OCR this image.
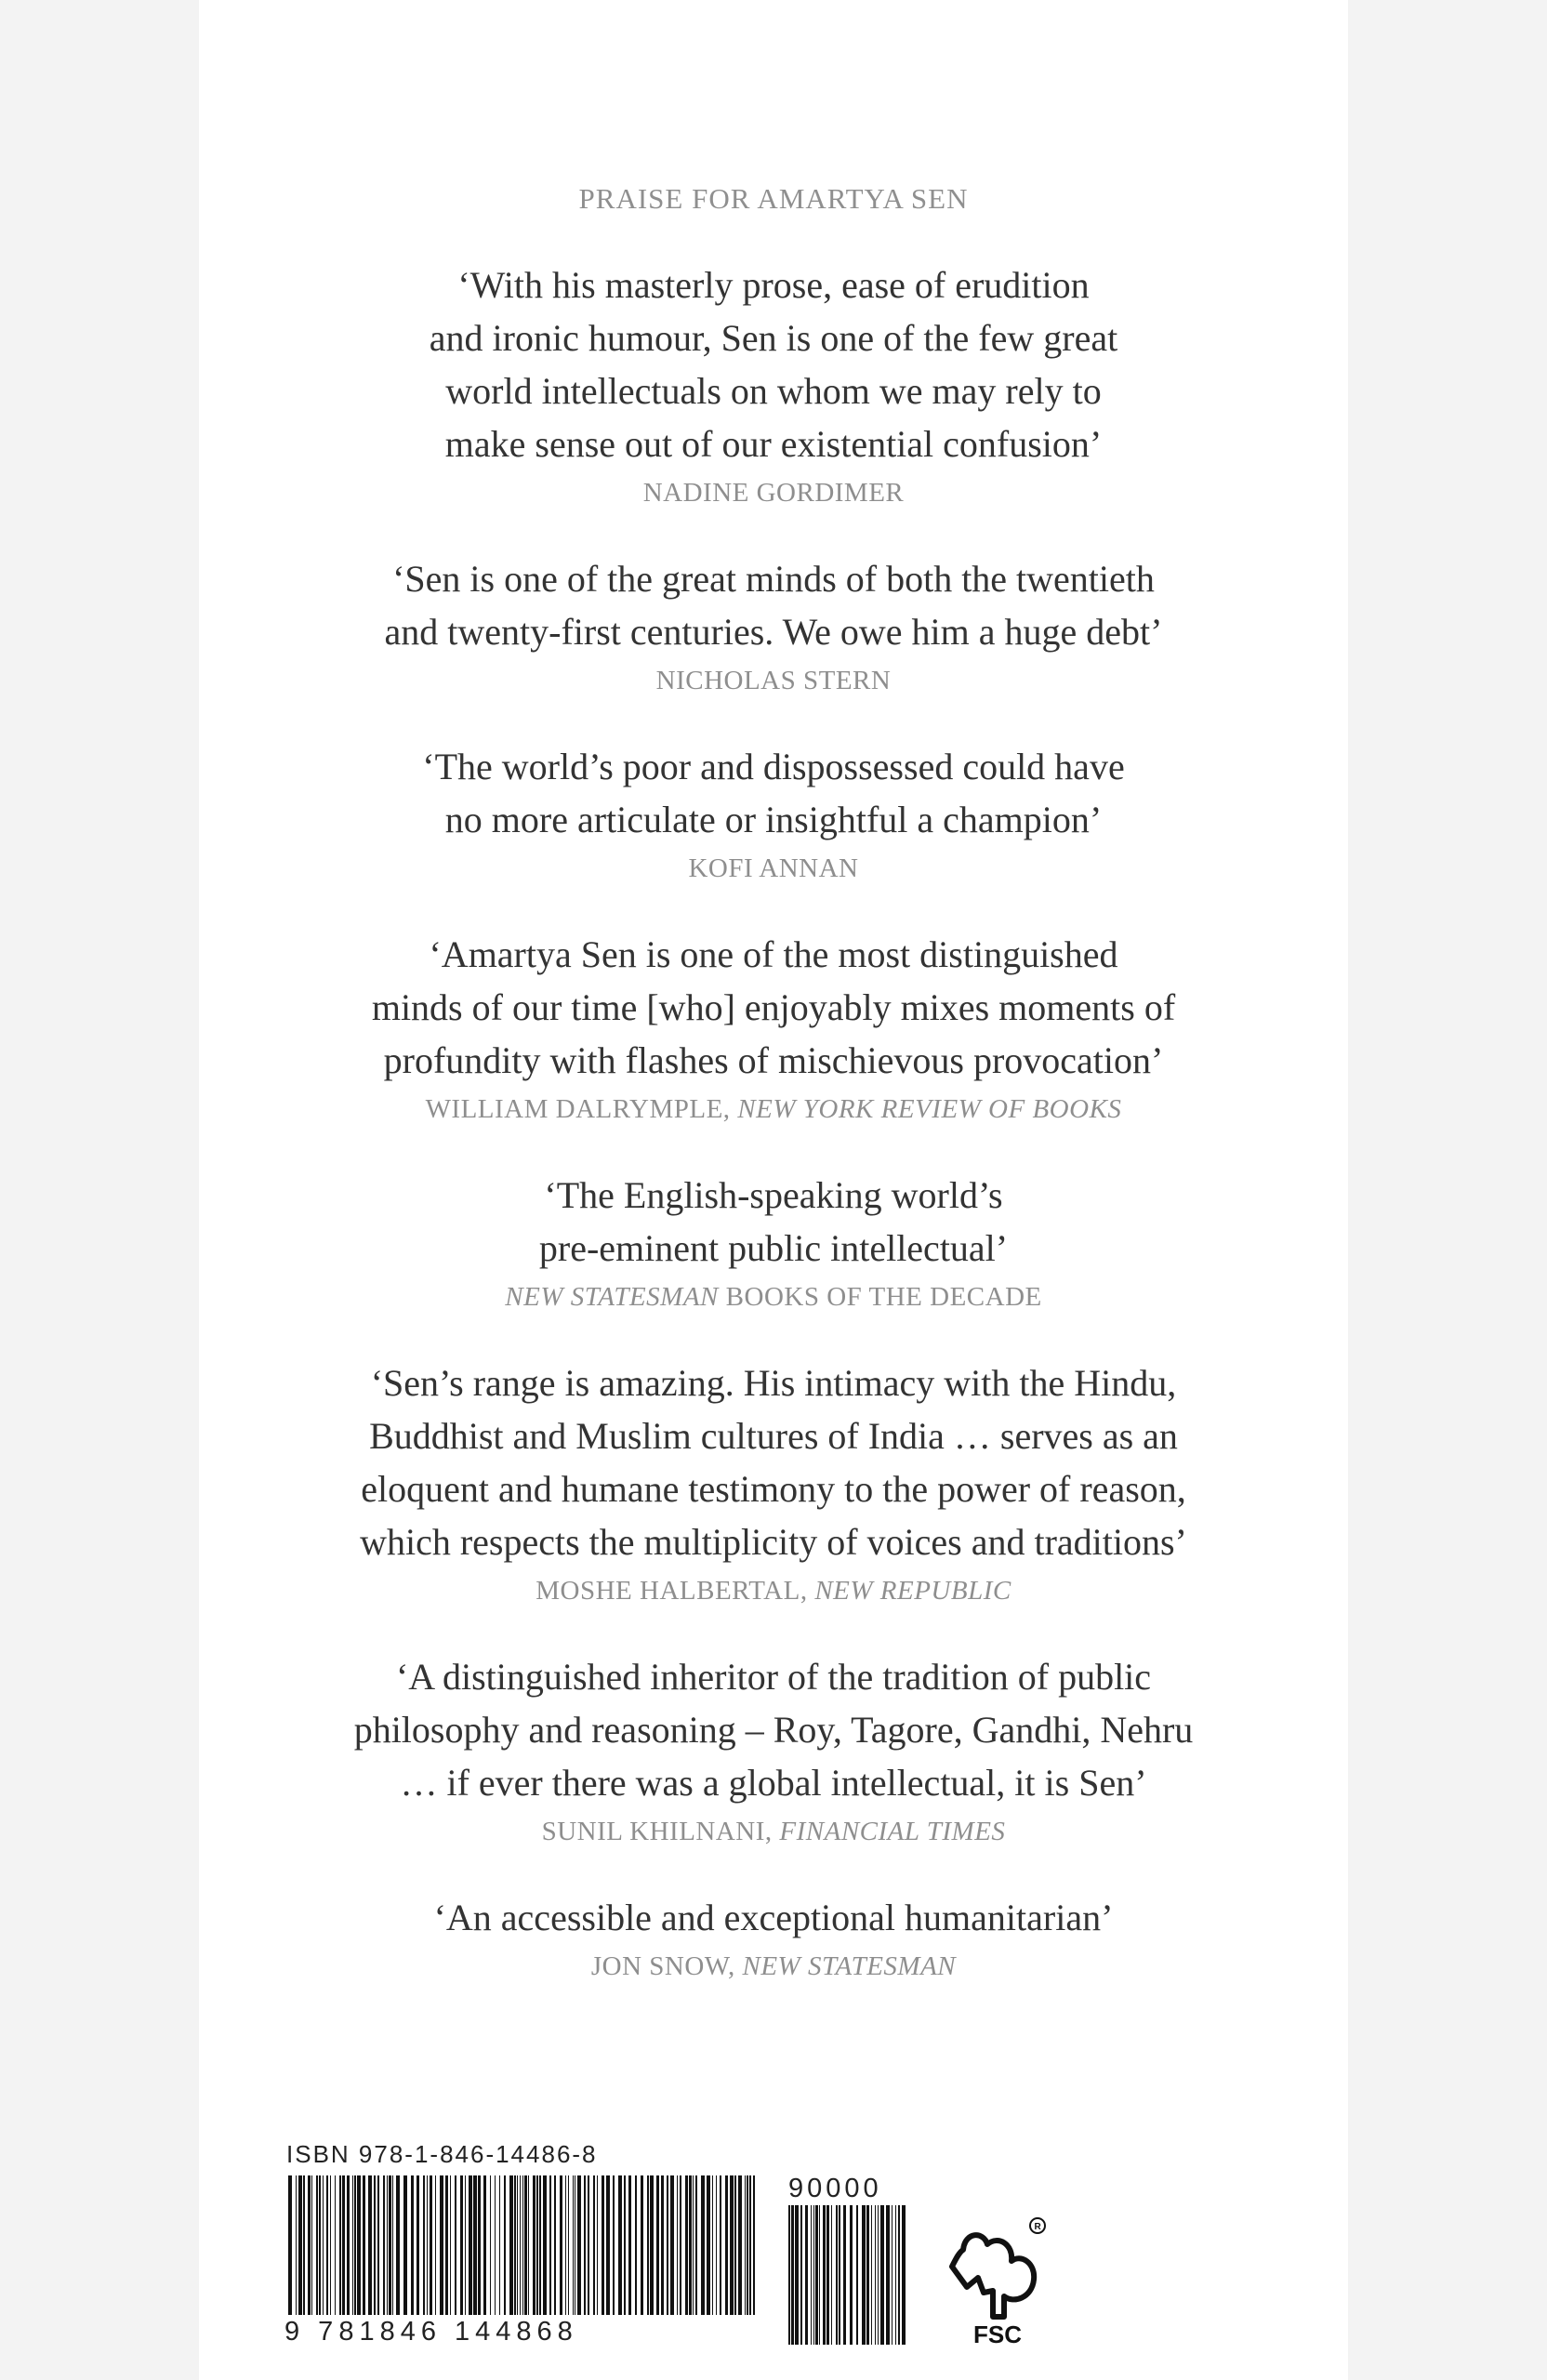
PRAISE FOR AMARTYA SEN
‘With his masterly prose, ease of erudition
and ironic humour, Sen is one of the few great
world intellectuals on whom we may rely to
make sense out of our existential confusion’
NADINE GORDIMER
‘Sen is one of the great minds of both the twentieth
and twenty-first centuries. We owe him a huge debt’
NICHOLAS STERN
‘The world’s poor and dispossessed could have
no more articulate or insightful a champion’
KOFI ANNAN
‘Amartya Sen is one of the most distinguished
minds of our time [who] enjoyably mixes moments of
profundity with flashes of mischievous provocation’
WILLIAM DALRYMPLE, NEW YORK REVIEW OF BOOKS
‘The English-speaking world’s
pre-eminent public intellectual’
NEW STATESMAN BOOKS OF THE DECADE
‘Sen’s range is amazing. His intimacy with the Hindu,
Buddhist and Muslim cultures of India … serves as an
eloquent and humane testimony to the power of reason,
which respects the multiplicity of voices and traditions’
MOSHE HALBERTAL, NEW REPUBLIC
‘A distinguished inheritor of the tradition of public
philosophy and reasoning – Roy, Tagore, Gandhi, Nehru
… if ever there was a global intellectual, it is Sen’
SUNIL KHILNANI, FINANCIAL TIMES
‘An accessible and exceptional humanitarian’
JON SNOW, NEW STATESMAN
ISBN 978-1-846-14486-8
9 781846 144868
90000
R
FSC
